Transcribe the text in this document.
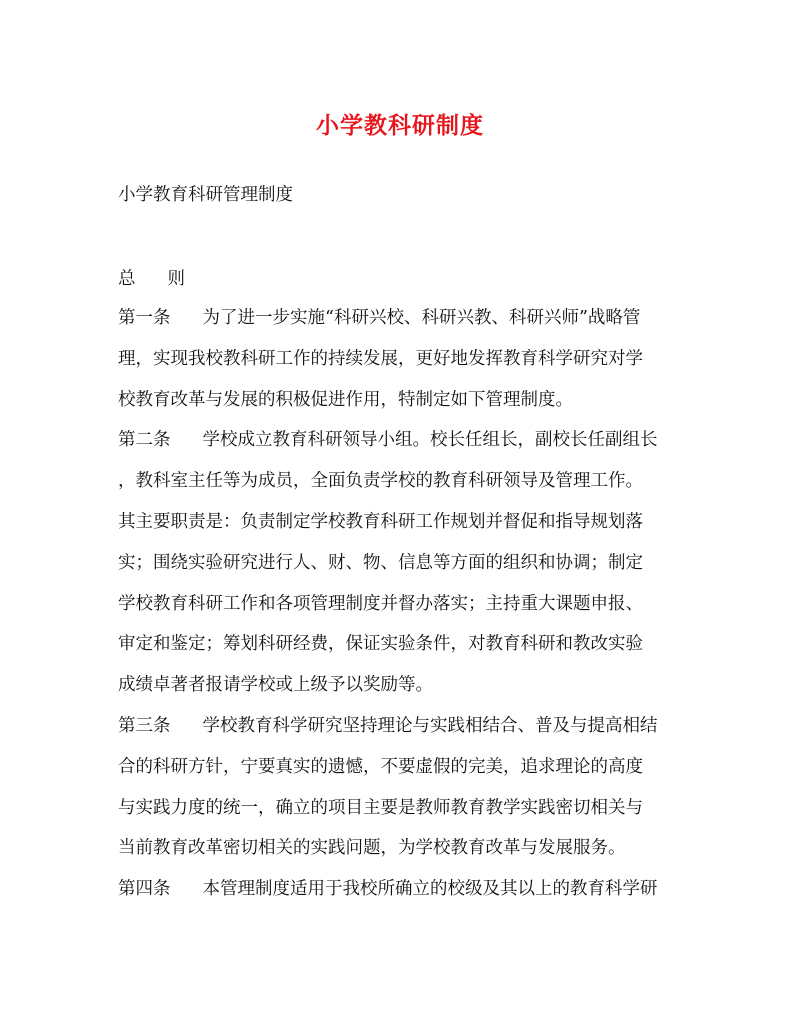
小学教科研制度
小学教育科研管理制度
总 则
第一条 为了进一步实施“科研兴校、科研兴教、科研兴师”战略管
理，实现我校教科研工作的持续发展，更好地发挥教育科学研究对学
校教育改革与发展的积极促进作用，特制定如下管理制度。
第二条 学校成立教育科研领导小组。校长任组长，副校长任副组长
，教科室主任等为成员，全面负责学校的教育科研领导及管理工作。
其主要职责是：负责制定学校教育科研工作规划并督促和指导规划落
实；围绕实验研究进行人、财、物、信息等方面的组织和协调；制定
学校教育科研工作和各项管理制度并督办落实；主持重大课题申报、
审定和鉴定；筹划科研经费，保证实验条件，对教育科研和教改实验
成绩卓著者报请学校或上级予以奖励等。
第三条 学校教育科学研究坚持理论与实践相结合、普及与提高相结
合的科研方针，宁要真实的遗憾，不要虚假的完美，追求理论的高度
与实践力度的统一，确立的项目主要是教师教育教学实践密切相关与
当前教育改革密切相关的实践问题，为学校教育改革与发展服务。
第四条 本管理制度适用于我校所确立的校级及其以上的教育科学研
